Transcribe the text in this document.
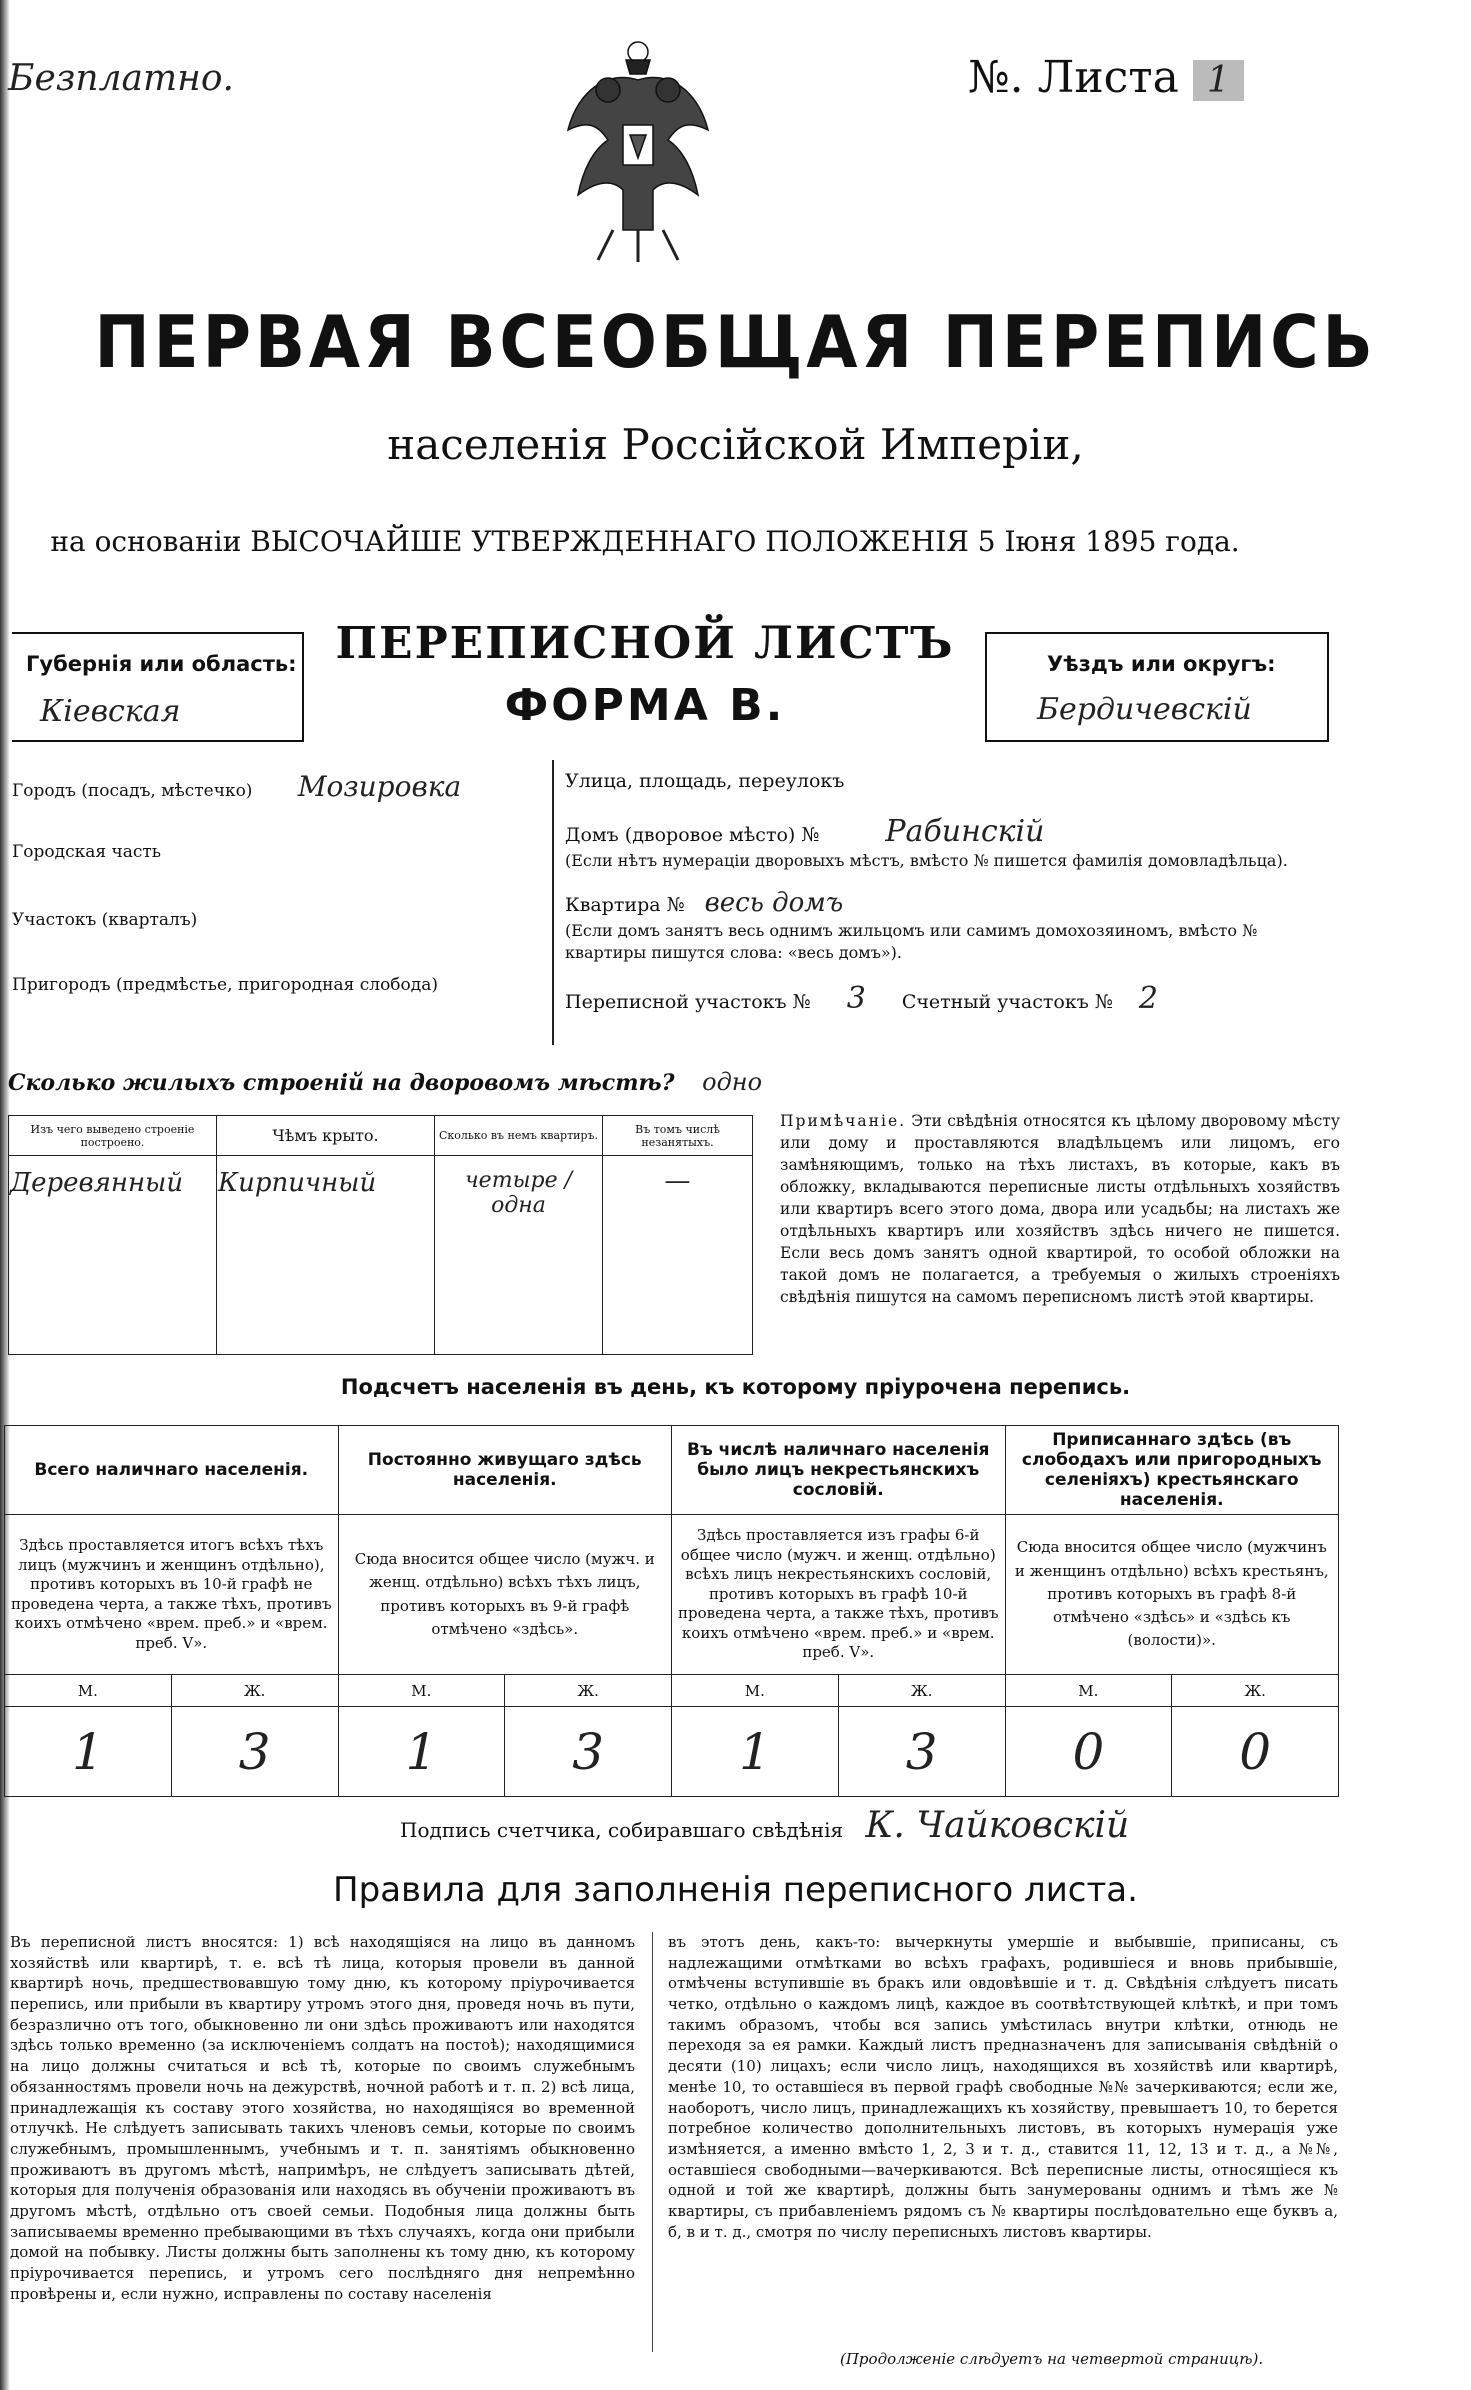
Безплатно.	№. Листа 1
ПЕРВАЯ ВСЕОБЩАЯ ПЕРЕПИСЬ
населенія Россійской Имперіи,
на основаніи ВЫСОЧАЙШЕ УТВЕРЖДЕННАГО ПОЛОЖЕНІЯ 5 Іюня 1895 года.
Губернія или область:
Кіевская
ПЕРЕПИСНОЙ ЛИСТЪ
ФОРМА В.
Уѣздъ или округъ:
Бердичевскій
Городъ (посадъ, мѣстечко) Мозировка
Городская часть
Участокъ (кварталъ)
Пригородъ (предмѣстье, пригородная слобода)
Улица, площадь, переулокъ
Домъ (дворовое мѣсто) № Рабинскій
(Если нѣтъ нумераціи дворовыхъ мѣстъ, вмѣсто № пишется фамилія домовладѣльца).
Квартира № весь домъ
(Если домъ занятъ весь однимъ жильцомъ или самимъ домохозяиномъ, вмѣсто № квартиры пишутся слова: «весь домъ»).
Переписной участокъ № 3 Счетный участокъ № 2
Сколько жилыхъ строеній на дворовомъ мѣстѣ? одно
Изъ чего выведено строеніе построено.	Чѣмъ крыто.	Сколько въ немъ квартиръ.	Въ томъ числѣ незанятыхъ.
Деревянный	Кирпичный	четыре / одна	—
Примѣчаніе. Эти свѣдѣнія относятся къ цѣлому дворовому мѣсту или дому и проставляются владѣльцемъ или лицомъ, его замѣняющимъ, только на тѣхъ листахъ, въ которые, какъ въ обложку, вкладываются переписные листы отдѣльныхъ хозяйствъ или квартиръ всего этого дома, двора или усадьбы; на листахъ же отдѣльныхъ квартиръ или хозяйствъ здѣсь ничего не пишется. Если весь домъ занятъ одной квартирой, то особой обложки на такой домъ не полагается, а требуемыя о жилыхъ строеніяхъ свѣдѣнія пишутся на самомъ переписномъ листѣ этой квартиры.
Подсчетъ населенія въ день, къ которому пріурочена перепись.
Всего наличнаго населенія.		Постоянно живущаго здѣсь населенія.		Въ числѣ наличнаго населенія было лицъ некрестьянскихъ сословій.		Приписаннаго здѣсь (въ слободахъ или пригородныхъ селеніяхъ) крестьянскаго населенія.	
Здѣсь проставляется итогъ всѣхъ тѣхъ лицъ (мужчинъ и женщинъ отдѣльно), противъ которыхъ въ 10-й графѣ не проведена черта, а также тѣхъ, противъ коихъ отмѣчено «врем. преб.» и «врем. преб. V».		Сюда вносится общее число (мужч. и женщ. отдѣльно) всѣхъ тѣхъ лицъ, противъ которыхъ въ 9-й графѣ отмѣчено «здѣсь».		Здѣсь проставляется изъ графы 6-й общее число (мужч. и женщ. отдѣльно) всѣхъ лицъ некрестьянскихъ сословій, противъ которыхъ въ графѣ 10-й проведена черта, а также тѣхъ, противъ коихъ отмѣчено «врем. преб.» и «врем. преб. V».		Сюда вносится общее число (мужчинъ и женщинъ отдѣльно) всѣхъ крестьянъ, противъ которыхъ въ графѣ 8-й отмѣчено «здѣсь» и «здѣсь къ (волости)».	
М.	Ж.	М.	Ж.	М.	Ж.	М.	Ж.
1	3	1	3	1	3	0	0
Подпись счетчика, собиравшаго свѣдѣнія К. Чайковскій
Правила для заполненія переписного листа.
Въ переписной листъ вносятся: 1) всѣ находящіяся на лицо въ данномъ хозяйствѣ или квартирѣ, т. е. всѣ тѣ лица, которыя провели въ данной квартирѣ ночь, предшествовавшую тому дню, къ которому пріурочивается перепись, или прибыли въ квартиру утромъ этого дня, проведя ночь въ пути, безразлично отъ того, обыкновенно ли они здѣсь проживаютъ или находятся здѣсь только временно (за исключеніемъ солдатъ на постоѣ); находящимися на лицо должны считаться и всѣ тѣ, которые по своимъ служебнымъ обязанностямъ провели ночь на дежурствѣ, ночной работѣ и т. п. 2) всѣ лица, принадлежащія къ составу этого хозяйства, но находящіяся во временной отлучкѣ. Не слѣдуетъ записывать такихъ членовъ семьи, которые по своимъ служебнымъ, промышленнымъ, учебнымъ и т. п. занятіямъ обыкновенно проживаютъ въ другомъ мѣстѣ, напримѣръ, не слѣдуетъ записывать дѣтей, которыя для полученія образованія или находясь въ обученіи проживаютъ въ другомъ мѣстѣ, отдѣльно отъ своей семьи. Подобныя лица должны быть записываемы временно пребывающими въ тѣхъ случаяхъ, когда они прибыли домой на побывку. Листы должны быть заполнены къ тому дню, къ которому пріурочивается перепись, и утромъ сего послѣдняго дня непремѣнно провѣрены и, если нужно, исправлены по составу населенія
въ этотъ день, какъ-то: вычеркнуты умершіе и выбывшіе, приписаны, съ надлежащими отмѣтками во всѣхъ графахъ, родившіеся и вновь прибывшіе, отмѣчены вступившіе въ бракъ или овдовѣвшіе и т. д. Свѣдѣнія слѣдуетъ писать четко, отдѣльно о каждомъ лицѣ, каждое въ соотвѣтствующей клѣткѣ, и при томъ такимъ образомъ, чтобы вся запись умѣстилась внутри клѣтки, отнюдь не переходя за ея рамки. Каждый листъ предназначенъ для записыванія свѣдѣній о десяти (10) лицахъ; если число лицъ, находящихся въ хозяйствѣ или квартирѣ, менѣе 10, то оставшіеся въ первой графѣ свободные №№ зачеркиваются; если же, наоборотъ, число лицъ, принадлежащихъ къ хозяйству, превышаетъ 10, то берется потребное количество дополнительныхъ листовъ, въ которыхъ нумерація уже измѣняется, а именно вмѣсто 1, 2, 3 и т. д., ставится 11, 12, 13 и т. д., а №№, оставшіеся свободными—вачеркиваются. Всѣ переписные листы, относящіеся къ одной и той же квартирѣ, должны быть занумерованы однимъ и тѣмъ же № квартиры, съ прибавленіемъ рядомъ съ № квартиры послѣдовательно еще буквъ а, б, в и т. д., смотря по числу переписныхъ листовъ квартиры.
(Продолженіе слѣдуетъ на четвертой страницѣ).
